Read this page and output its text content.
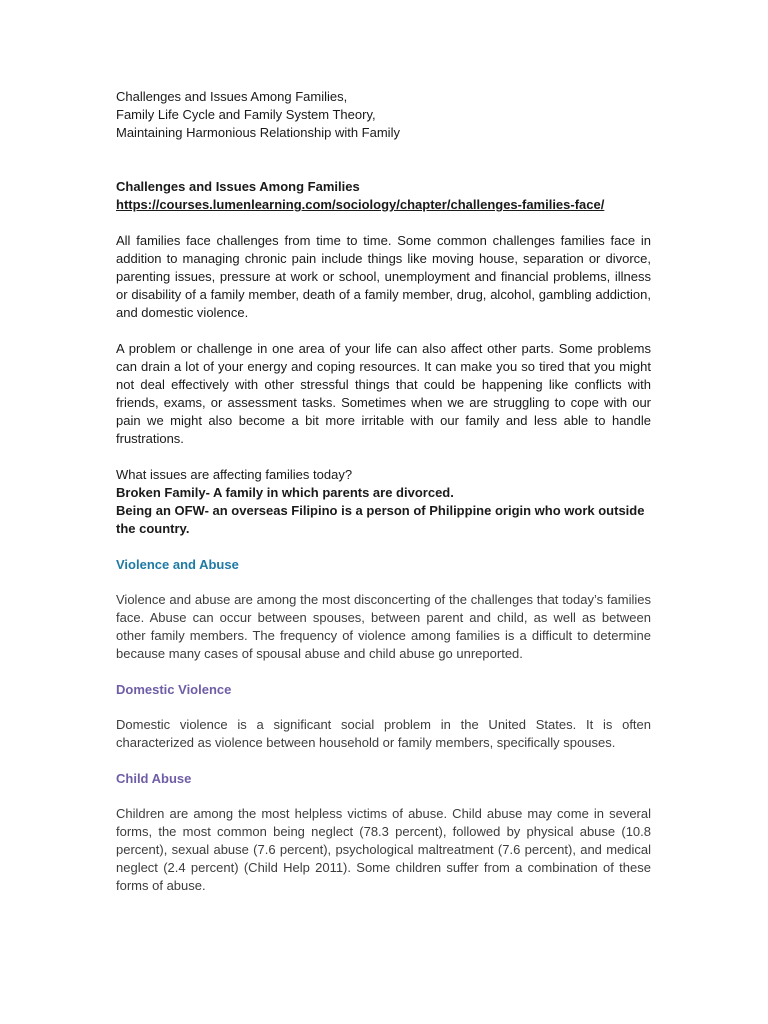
Challenges and Issues Among Families,
Family Life Cycle and Family System Theory,
Maintaining Harmonious Relationship with Family
Challenges and Issues Among Families
https://courses.lumenlearning.com/sociology/chapter/challenges-families-face/

All families face challenges from time to time. Some common challenges families face in addition to managing chronic pain include things like moving house, separation or divorce, parenting issues, pressure at work or school, unemployment and financial problems, illness or disability of a family member, death of a family member, drug, alcohol, gambling addiction, and domestic violence.

A problem or challenge in one area of your life can also affect other parts. Some problems can drain a lot of your energy and coping resources. It can make you so tired that you might not deal effectively with other stressful things that could be happening like conflicts with friends, exams, or assessment tasks. Sometimes when we are struggling to cope with our pain we might also become a bit more irritable with our family and less able to handle frustrations.

What issues are affecting families today?
Broken Family- A family in which parents are divorced.
Being an OFW- an overseas Filipino is a person of Philippine origin who work outside the country.
Violence and Abuse

Violence and abuse are among the most disconcerting of the challenges that today’s families face. Abuse can occur between spouses, between parent and child, as well as between other family members. The frequency of violence among families is a difficult to determine because many cases of spousal abuse and child abuse go unreported.

Domestic Violence

Domestic violence is a significant social problem in the United States. It is often characterized as violence between household or family members, specifically spouses.

Child Abuse

Children are among the most helpless victims of abuse. Child abuse may come in several forms, the most common being neglect (78.3 percent), followed by physical abuse (10.8 percent), sexual abuse (7.6 percent), psychological maltreatment (7.6 percent), and medical neglect (2.4 percent) (Child Help 2011). Some children suffer from a combination of these forms of abuse.
